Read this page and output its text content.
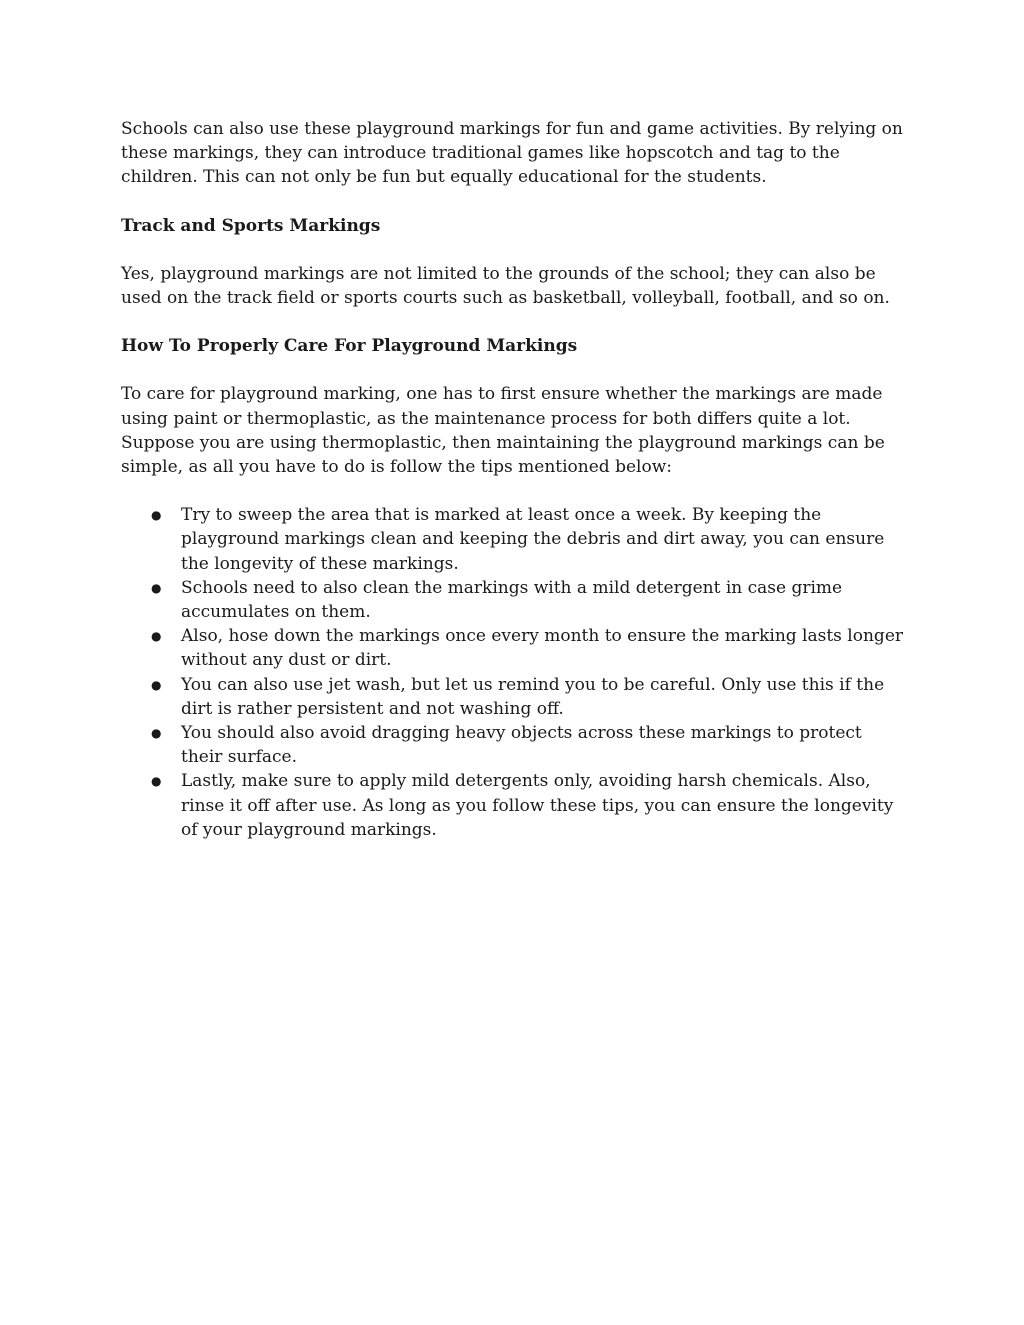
Schools can also use these playground markings for fun and game activities. By relying on these markings, they can introduce traditional games like hopscotch and tag to the children. This can not only be fun but equally educational for the students.

Track and Sports Markings

Yes, playground markings are not limited to the grounds of the school; they can also be used on the track field or sports courts such as basketball, volleyball, football, and so on.

How To Properly Care For Playground Markings

To care for playground marking, one has to first ensure whether the markings are made using paint or thermoplastic, as the maintenance process for both differs quite a lot. Suppose you are using thermoplastic, then maintaining the playground markings can be simple, as all you have to do is follow the tips mentioned below:

● Try to sweep the area that is marked at least once a week. By keeping the playground markings clean and keeping the debris and dirt away, you can ensure the longevity of these markings.
● Schools need to also clean the markings with a mild detergent in case grime accumulates on them.
● Also, hose down the markings once every month to ensure the marking lasts longer without any dust or dirt.
● You can also use jet wash, but let us remind you to be careful. Only use this if the dirt is rather persistent and not washing off.
● You should also avoid dragging heavy objects across these markings to protect their surface.
● Lastly, make sure to apply mild detergents only, avoiding harsh chemicals. Also, rinse it off after use. As long as you follow these tips, you can ensure the longevity of your playground markings.
